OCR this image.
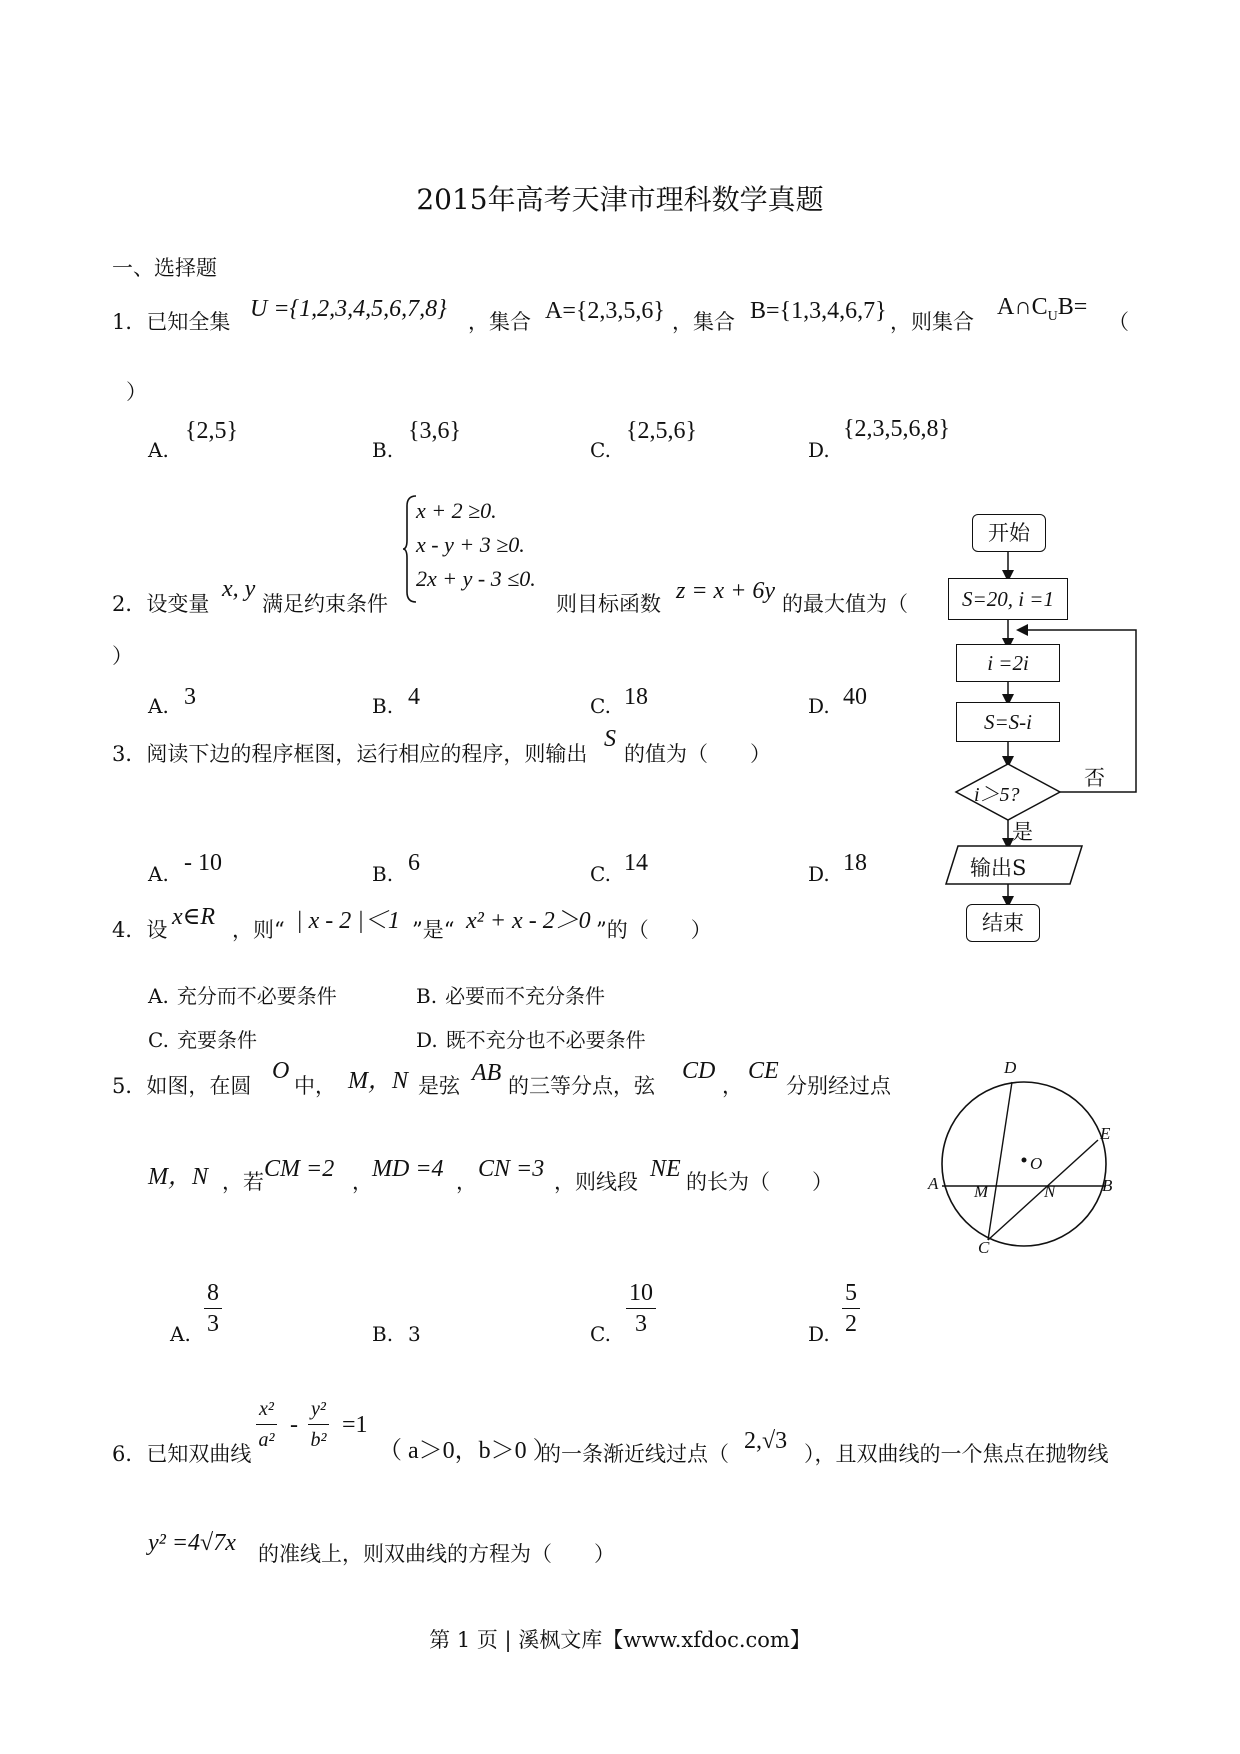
2015年高考天津市理科数学真题
一、选择题
1．已知全集 U ={1,2,3,4,5,6,7,8} ，集合 A={2,3,5,6} ，集合 B={1,3,4,6,7} ，则集合
$A\cap C_UB=$
（
）
A.
{2,5}
B.
{3,6}
C.
{2,5,6}
D.
{2,3,5,6,8}
2．设变量
x, y
满足约束条件
x + 2 ≥0.
x - y + 3 ≥0.
2x + y - 3 ≤0.
则目标函数 z = x + 6y 的最大值为（
）
A. 3	B. 4	C. 18	D. 40
3．阅读下边的程序框图，运行相应的程序，则输出
S
的值为（　　）
A. - 10	B. 6	C. 14	D. 18
开始
S=20, i =1
i =2i
S=S-i
i＞5?
否
是
输出S
结束
4．设 x∈R ，则“ | x - 2 |＜1 ”是“ x² + x - 2＞0 ”的（　　）
A. 充分而不必要条件	B. 必要而不充分条件
C. 充要条件	D. 既不充分也不必要条件
5．如图，在圆
O
中， M，N 是弦 AB 的三等分点，弦
CD
，
CE
分别经过点
M，N ，若 CM =2 ， MD =4 ， CN =3 ，则线段 NE 的长为（　　）
A. $\frac{8}{3}$	B. 3	C. $\frac{10}{3}$	D. $\frac{5}{2}$
D
E
O
A M	N	B
C
6．已知双曲线 $\frac{\text{x²}}{\text{a²}} - \frac{\text{y²}}{\text{b²}} =1$
（ a＞0，b＞0 ）
的一条渐近线过点（ 2,√3 ），且双曲线的一个焦点在抛物线
y² =4√7x 的准线上，则双曲线的方程为（　　）
第 1 页 | 溪枫文库【www.xfdoc.com】
